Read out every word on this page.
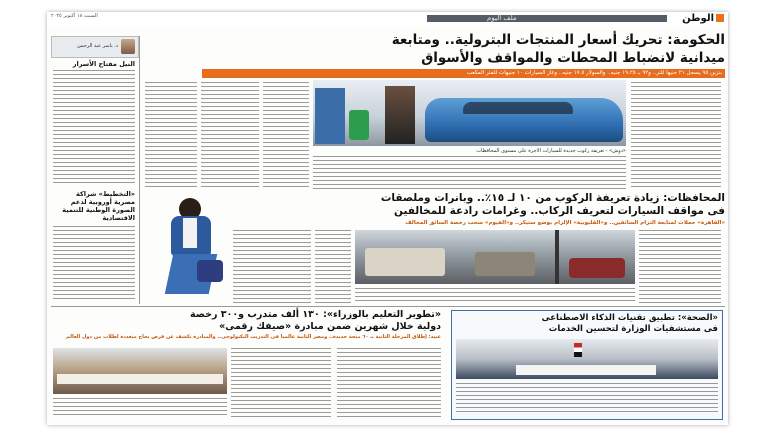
السبت ١٨ أكتوبر ٢٠٢٥	ملف اليوم	الوطن
د. ياسر عبد الرحمن
النيل مفتاح الأسرار
«التخطيط» شراكة مصرية أوروبية لدعم الصورة الوطنية للتنمية الاقتصادية
الحكومة: تحريك أسعار المنتجات البترولية.. ومتابعة
ميدانية لانضباط المحطات والمواقف والأسواق
بنزين ٩٥ يسجل ٢١ جنيها للتر.. و٩٢ بـ ١٩.٢٥ جنيه.. والسولار ١٧.٥ جنيه.. وغاز السيارات ١٠ جنيهات للمتر المكعب
«دوش» - تعريفة ركوب جديدة للسيارات الأجرة على مستوى المحافظات
المحافظات: زيادة تعريفة الركوب من ١٠ لـ ١٥٪.. وبانرات وملصقات
فى مواقف السيارات لتعريف الركاب.. وغرامات رادعة للمخالفين
«القاهرة» حملات لمتابعة التزام السائقين.. و«القليوبية» الإلزام بوضع ستيكر.. و«الفيوم» سحب رخصة السائق المخالف
«تطوير التعليم بالوزراء»: ١٣٠ ألف متدرب و٣٠٠ رخصة
دولية خلال شهرين ضمن مبادرة «صيفك رقمى»
عبيد: إطلاق المرحلة الثانية بـ ٦٠ منحة جديدة.. ومصر الثانية عالميا فى التدريب التكنولوجى.. والمبادرة تكشف عن فرص نجاح متعددة لطلاب من دول العالم
«الصحة»: تطبيق تقنيات الذكاء الاصطناعى
فى مستشفيات الوزارة لتحسين الخدمات
